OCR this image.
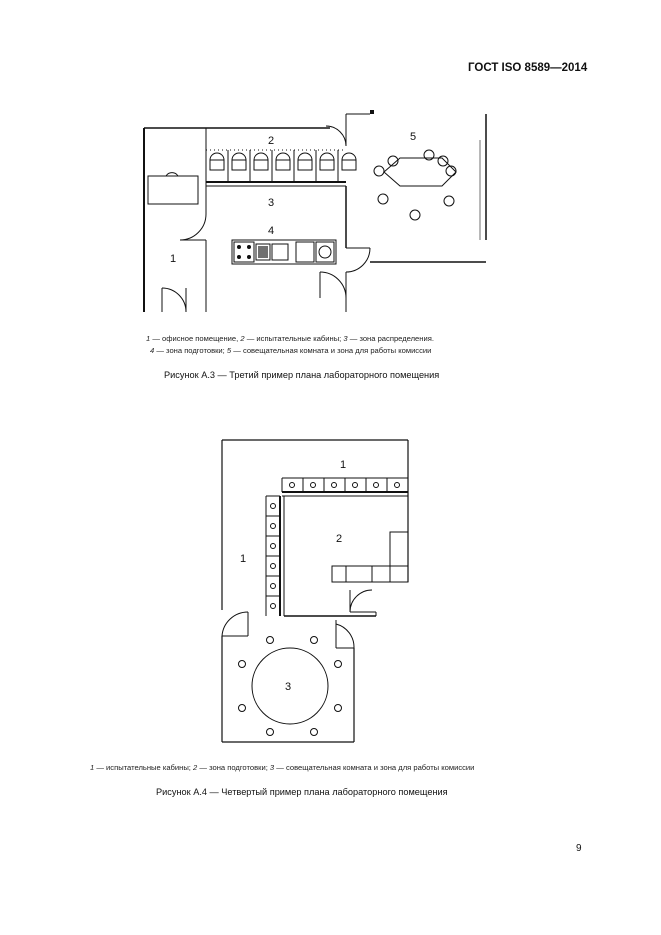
ГОСТ ISO 8589—2014
2
3
4
1
5
1 — офисное помещение, 2 — испытательные кабины; 3 — зона распределения.
4 — зона подготовки; 5 — совещательная комната и зона для работы комиссии
Рисунок А.3 — Третий пример плана лабораторного помещения
1
1
2
3
1 — испытательные кабины; 2 — зона подготовки; 3 — совещательная комната и зона для работы комиссии
Рисунок А.4 — Четвертый пример плана лабораторного помещения
9
